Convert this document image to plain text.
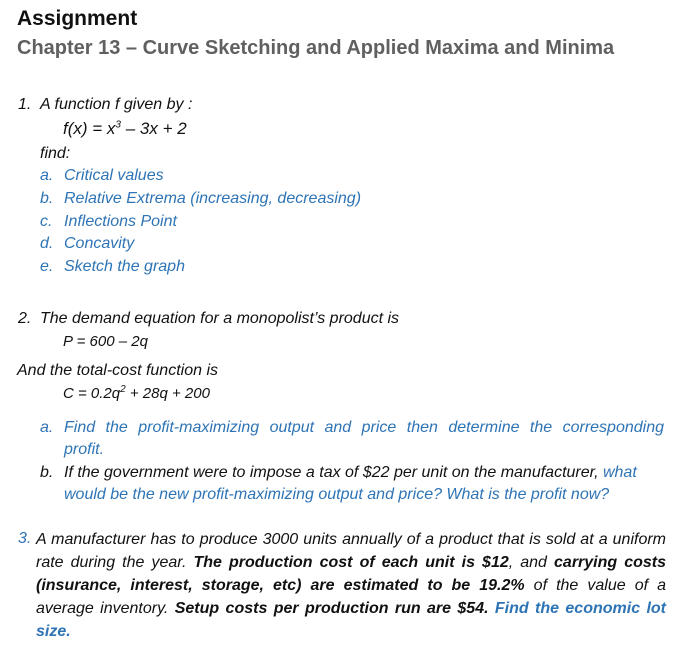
Assignment
Chapter 13 – Curve Sketching and Applied Maxima and Minima
1. A function f given by :
$f(x) = x^3 - 3x + 2$
find:
a. Critical values
b. Relative Extrema (increasing, decreasing)
c. Inflections Point
d. Concavity
e. Sketch the graph
2. The demand equation for a monopolist’s product is
P = 600 – 2q
And the total-cost function is
$C = 0.2q^2 + 28q + 200$
a. Find the profit-maximizing output and price then determine the corresponding
profit.
b. If the government were to impose a tax of $22 per unit on the manufacturer, what
would be the new profit-maximizing output and price? What is the profit now?
3. A manufacturer has to produce 3000 units annually of a product that is sold at a uniform rate during the year. The production cost of each unit is $12, and carrying costs (insurance, interest, storage, etc) are estimated to be 19.2% of the value of a average inventory. Setup costs per production run are $54. Find the economic lot size.
